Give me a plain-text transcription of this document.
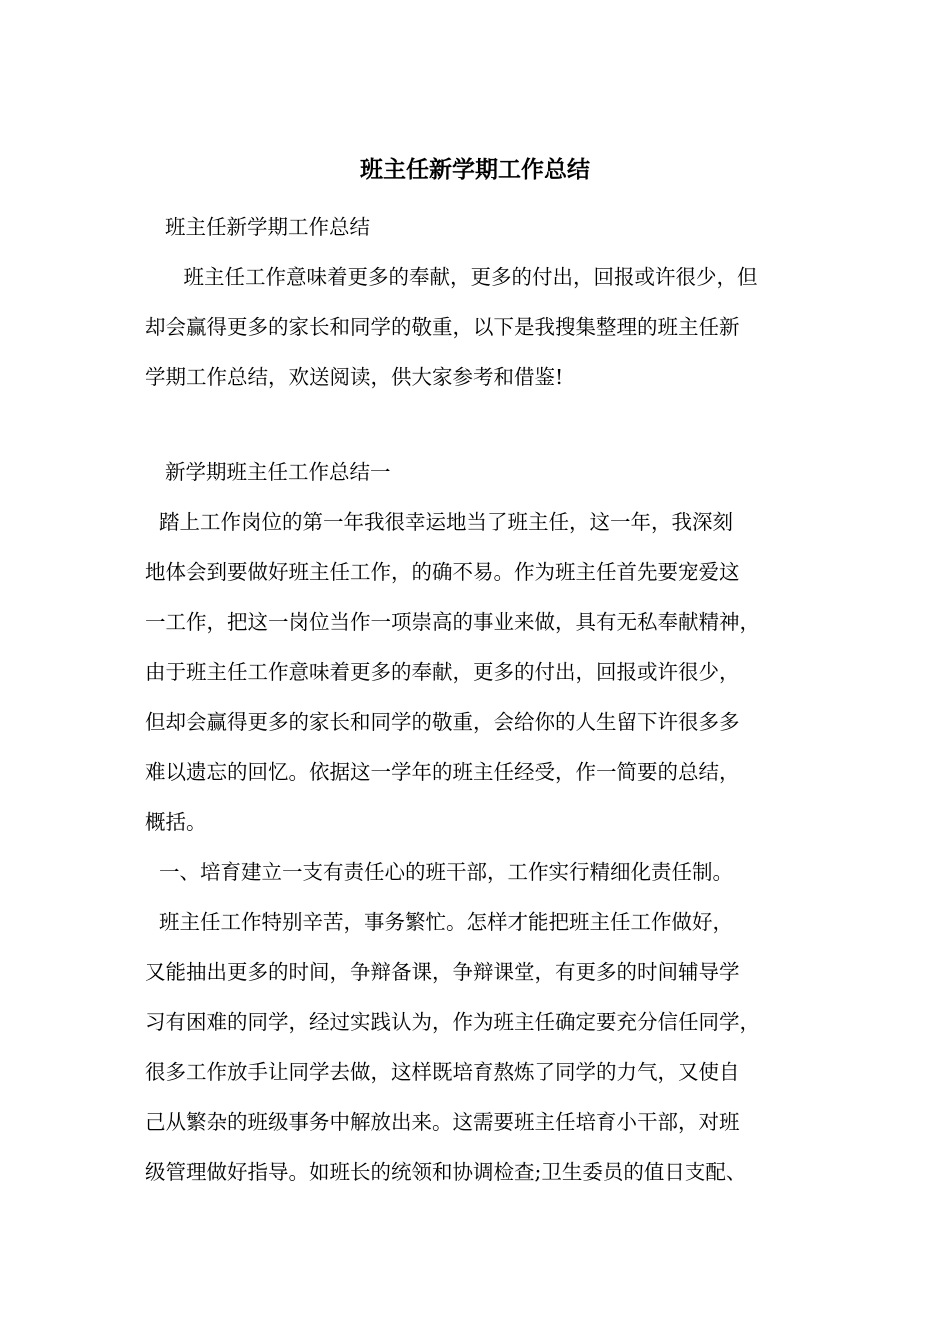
班主任新学期工作总结
班主任新学期工作总结
　班主任工作意味着更多的奉献，更多的付出，回报或许很少，但
却会赢得更多的家长和同学的敬重，以下是我搜集整理的班主任新
学期工作总结，欢送阅读，供大家参考和借鉴!
新学期班主任工作总结一
踏上工作岗位的第一年我很幸运地当了班主任，这一年，我深刻
地体会到要做好班主任工作，的确不易。作为班主任首先要宠爱这
一工作，把这一岗位当作一项崇高的事业来做，具有无私奉献精神，
由于班主任工作意味着更多的奉献，更多的付出，回报或许很少，
但却会赢得更多的家长和同学的敬重，会给你的人生留下许很多多
难以遗忘的回忆。依据这一学年的班主任经受，作一简要的总结，
概括。
一、培育建立一支有责任心的班干部，工作实行精细化责任制。
班主任工作特别辛苦，事务繁忙。怎样才能把班主任工作做好，
又能抽出更多的时间，争辩备课，争辩课堂，有更多的时间辅导学
习有困难的同学，经过实践认为，作为班主任确定要充分信任同学，
很多工作放手让同学去做，这样既培育熬炼了同学的力气，又使自
己从繁杂的班级事务中解放出来。这需要班主任培育小干部，对班
级管理做好指导。如班长的统领和协调检查;卫生委员的值日支配、
